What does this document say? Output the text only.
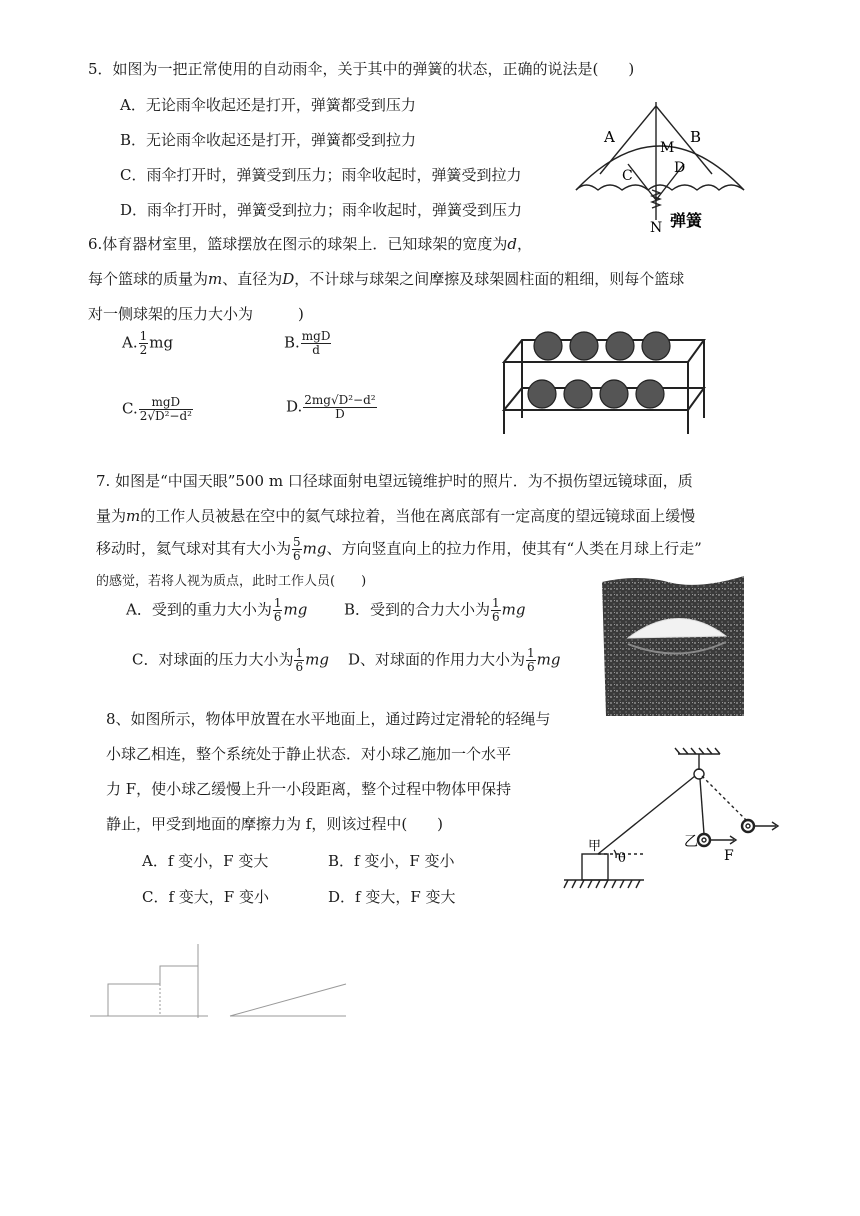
5．如图为一把正常使用的自动雨伞，关于其中的弹簧的状态，正确的说法是(　　)
A．无论雨伞收起还是打开，弹簧都受到压力
B．无论雨伞收起还是打开，弹簧都受到拉力
C．雨伞打开时，弹簧受到压力；雨伞收起时，弹簧受到拉力
D．雨伞打开时，弹簧受到拉力；雨伞收起时，弹簧受到压力
A	B
M
C	D
N 弹簧
6.体育器材室里，篮球摆放在图示的球架上．已知球架的宽度为d，
每个篮球的质量为m、直径为D，不计球与球架之间摩擦及球架圆柱面的粗细，则每个篮球
对一侧球架的压力大小为　　　)
A. $\frac{1}{2}$ mg	B. $\frac{\text{mgD}}{d}$
C. $\frac{\text{mgD}}{\text{2√D²−d²}}$	D. $\frac{\text{2mg√D²−d²}}{D}$
7. 如图是“中国天眼”500 m 口径球面射电望远镜维护时的照片．为不损伤望远镜球面，质
量为m的工作人员被悬在空中的氦气球拉着，当他在离底部有一定高度的望远镜球面上缓慢
移动时，氦气球对其有大小为 $\frac{5}{6}$ mg、方向竖直向上的拉力作用，使其有“人类在月球上行走”
的感觉，若将人视为质点，此时工作人员(　　)
A．受到的重力大小为 $\frac{1}{6}$ mg B．受到的合力大小为 $\frac{1}{6}$ mg
C．对球面的压力大小为 $\frac{1}{6}$ mg D、对球面的作用力大小为 $\frac{1}{6}$ mg
8、如图所示，物体甲放置在水平地面上，通过跨过定滑轮的轻绳与
小球乙相连，整个系统处于静止状态．对小球乙施加一个水平
力 F，使小球乙缓慢上升一小段距离，整个过程中物体甲保持
静止，甲受到地面的摩擦力为 f，则该过程中(　　)
A．f 变小，F 变大	B．f 变小，F 变小
C．f 变大，F 变小	D．f 变大，F 变大
甲	乙
F
θ
